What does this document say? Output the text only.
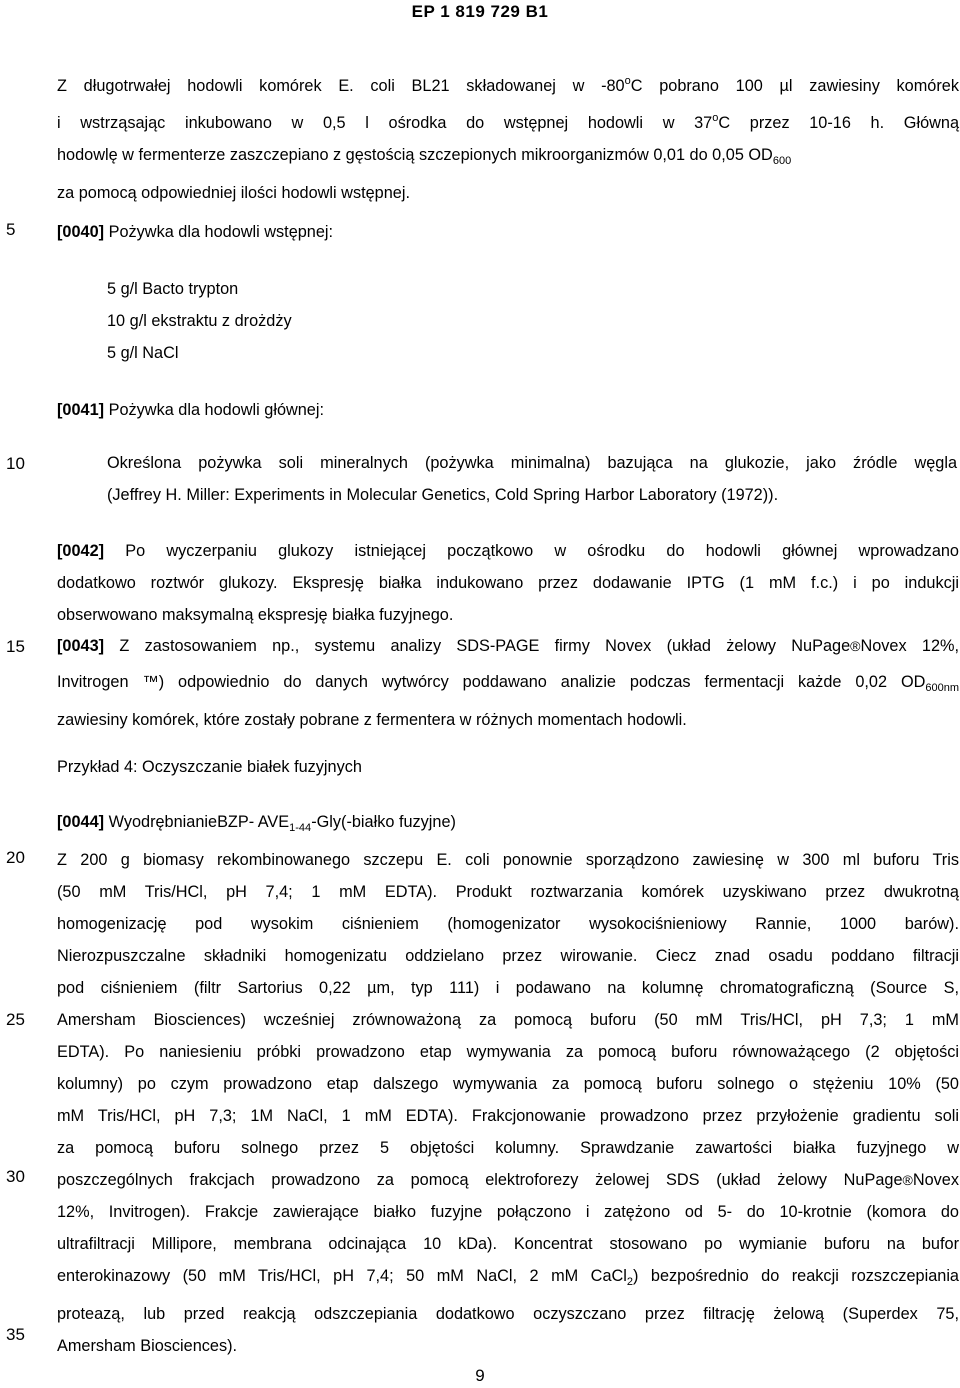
EP 1 819 729 B1
5
10
15
20
25
30
35
Z długotrwałej hodowli komórek E. coli BL21 składowanej w -80$^o$C pobrano 100 µl zawiesiny komórek
i wstrząsając inkubowano w 0,5 l ośrodka do wstępnej hodowli w 37$^o$C przez 10-16 h. Główną
hodowlę w fermenterze zaszczepiano z gęstością szczepionych mikroorganizmów 0,01 do 0,05 $OD_{600}$
za pomocą odpowiedniej ilości hodowli wstępnej.
[0040] Pożywka dla hodowli wstępnej:
5 g/l Bacto trypton
10 g/l ekstraktu z drożdży
5 g/l NaCl
[0041] Pożywka dla hodowli głównej:
Określona pożywka soli mineralnych (pożywka minimalna) bazująca na glukozie, jako źródle węgla
(Jeffrey H. Miller: Experiments in Molecular Genetics, Cold Spring Harbor Laboratory (1972)).
[0042] Po wyczerpaniu glukozy istniejącej początkowo w ośrodku do hodowli głównej wprowadzano
dodatkowo roztwór glukozy. Ekspresję białka indukowano przez dodawanie IPTG (1 mM f.c.) i po indukcji
obserwowano maksymalną ekspresję białka fuzyjnego.
[0043] Z zastosowaniem np., systemu analizy SDS-PAGE firmy Novex (układ żelowy NuPage®Novex 12%,
Invitrogen ™) odpowiednio do danych wytwórcy poddawano analizie podczas fermentacji każde 0,02 $OD_{600nm}$
zawiesiny komórek, które zostały pobrane z fermentera w różnych momentach hodowli.
Przykład 4: Oczyszczanie białek fuzyjnych
[0044] WyodrębnianieBZP- $AVE_{1-44}-Gly$(-białko fuzyjne)
Z 200 g biomasy rekombinowanego szczepu E. coli ponownie sporządzono zawiesinę w 300 ml buforu Tris
(50 mM Tris/HCl, pH 7,4; 1 mM EDTA). Produkt roztwarzania komórek uzyskiwano przez dwukrotną
homogenizację pod wysokim ciśnieniem (homogenizator wysokociśnieniowy Rannie, 1000 barów).
Nierozpuszczalne składniki homogenizatu oddzielano przez wirowanie. Ciecz znad osadu poddano filtracji
pod ciśnieniem (filtr Sartorius 0,22 µm, typ 111) i podawano na kolumnę chromatograficzną (Source S,
Amersham Biosciences) wcześniej zrównoważoną za pomocą buforu (50 mM Tris/HCl, pH 7,3; 1 mM
EDTA). Po naniesieniu próbki prowadzono etap wymywania za pomocą buforu równoważącego (2 objętości
kolumny) po czym prowadzono etap dalszego wymywania za pomocą buforu solnego o stężeniu 10% (50
mM Tris/HCl, pH 7,3; 1M NaCl, 1 mM EDTA). Frakcjonowanie prowadzono przez przyłożenie gradientu soli
za pomocą buforu solnego przez 5 objętości kolumny. Sprawdzanie zawartości białka fuzyjnego w
poszczególnych frakcjach prowadzono za pomocą elektroforezy żelowej SDS (układ żelowy NuPage®Novex
12%, Invitrogen). Frakcje zawierające białko fuzyjne połączono i zatężono od 5- do 10-krotnie (komora do
ultrafiltracji Millipore, membrana odcinająca 10 kDa). Koncentrat stosowano po wymianie buforu na bufor
enterokinazowy (50 mM Tris/HCl, pH 7,4; 50 mM NaCl, 2 mM CaCl$_2$) bezpośrednio do reakcji rozszczepiania
proteazą, lub przed reakcją odszczepiania dodatkowo oczyszczano przez filtrację żelową (Superdex 75,
Amersham Biosciences).
9
